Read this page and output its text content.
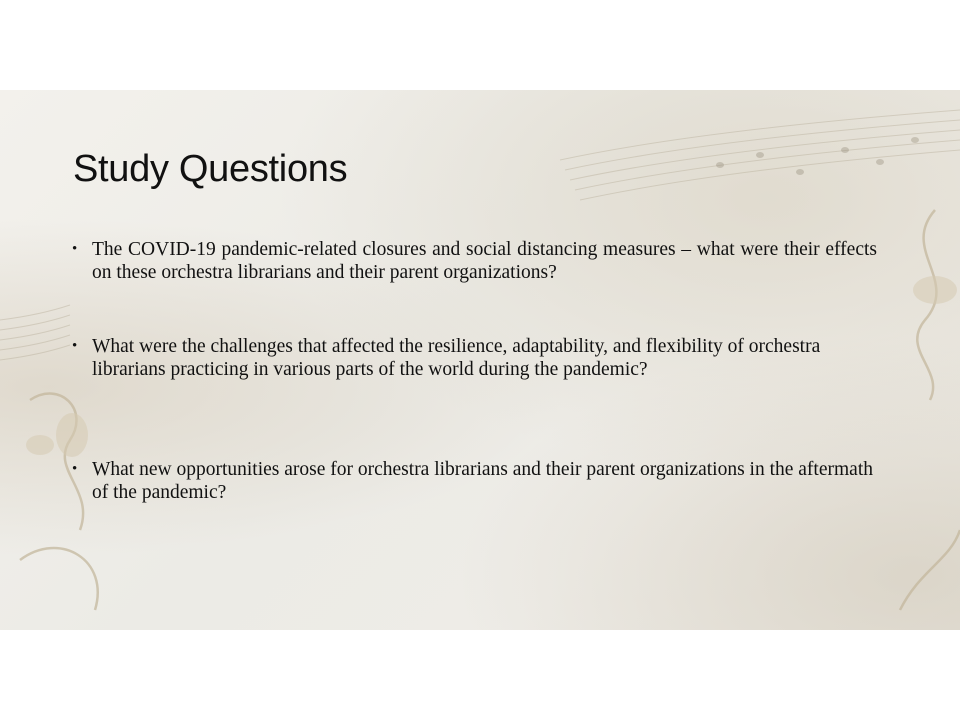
Study Questions
• The COVID-19 pandemic-related closures and social distancing measures – what were their effects on these orchestra librarians and their parent organizations?
• What were the challenges that affected the resilience, adaptability, and flexibility of orchestra librarians practicing in various parts of the world during the pandemic?
• What new opportunities arose for orchestra librarians and their parent organizations in the aftermath of the pandemic?
